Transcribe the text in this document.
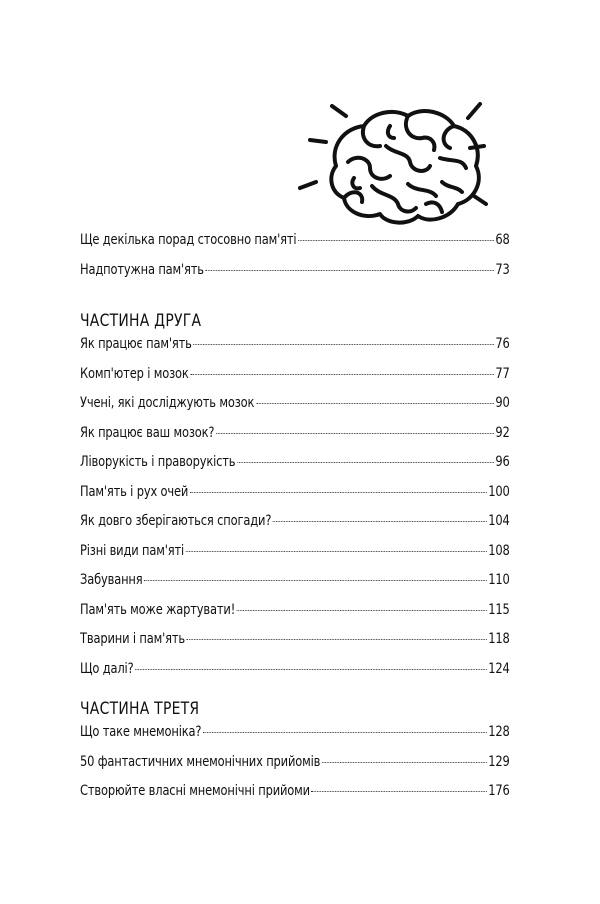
Ще декілька порад стосовно пам'яті	68
Надпотужна пам'ять	73
ЧАСТИНА ДРУГА
Як працює пам'ять	76
Комп'ютер і мозок	77
Учені, які досліджують мозок	90
Як працює ваш мозок?	92
Ліворукість і праворукість	96
Пам'ять і рух очей	100
Як довго зберігаються спогади?	104
Різні види пам'яті	108
Забування	110
Пам'ять може жартувати!	115
Тварини і пам'ять	118
Що далі?	124
ЧАСТИНА ТРЕТЯ
Що таке мнемоніка?	128
50 фантастичних мнемонічних прийомів	129
Створюйте власні мнемонічні прийоми	176
